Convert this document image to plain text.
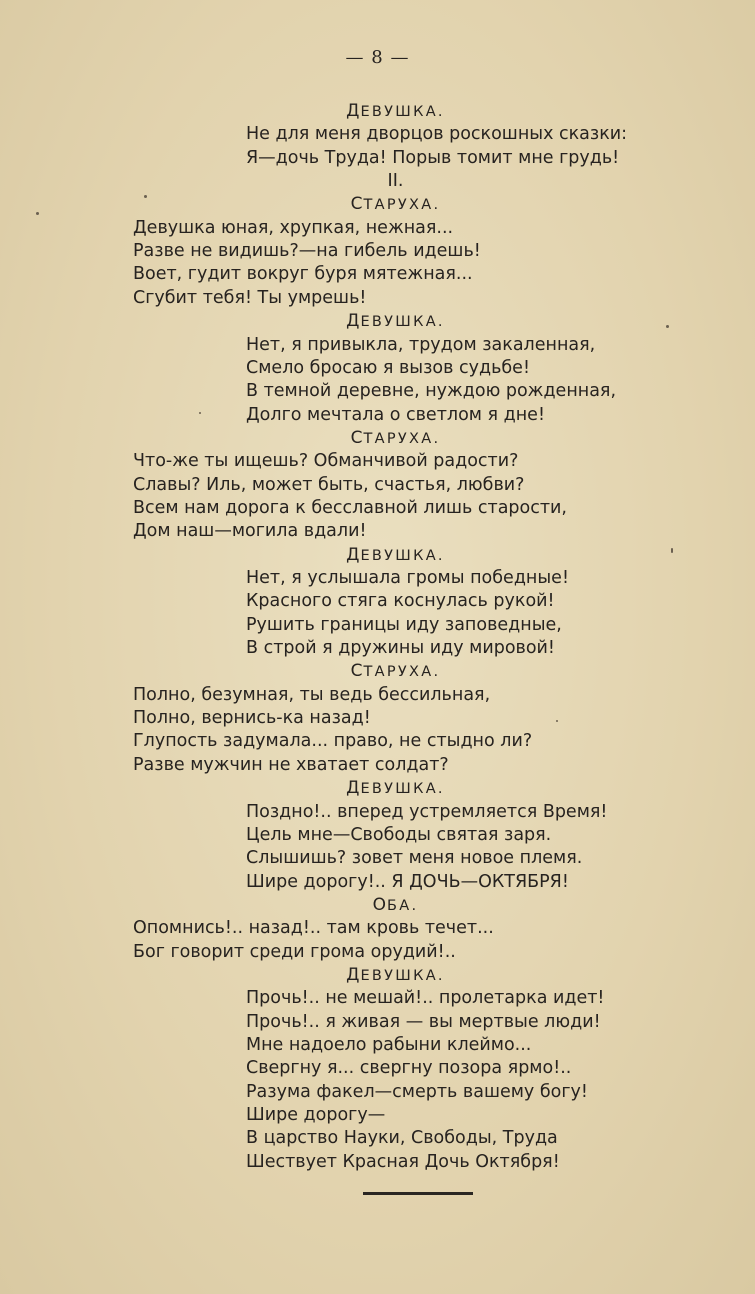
— 8 —
ДЕВУШКА.
Не для меня дворцов роскошных сказки:
Я—дочь Труда! Порыв томит мне грудь!
II.
СТАРУХА.
Девушка юная, хрупкая, нежная...
Разве не видишь?—на гибель идешь!
Воет, гудит вокруг буря мятежная...
Сгубит тебя! Ты умрешь!
ДЕВУШКА.
Нет, я привыкла, трудом закаленная,
Смело бросаю я вызов судьбе!
В темной деревне, нуждою рожденная,
Долго мечтала о светлом я дне!
СТАРУХА.
Что-же ты ищешь? Обманчивой радости?
Славы? Иль, может быть, счастья, любви?
Всем нам дорога к бесславной лишь старости,
Дом наш—могила вдали!
ДЕВУШКА.
Нет, я услышала громы победные!
Красного стяга коснулась рукой!
Рушить границы иду заповедные,
В строй я дружины иду мировой!
СТАРУХА.
Полно, безумная, ты ведь бессильная,
Полно, вернись-ка назад!
Глупость задумала... право, не стыдно ли?
Разве мужчин не хватает солдат?
ДЕВУШКА.
Поздно!.. вперед устремляется Время!
Цель мне—Свободы святая заря.
Слышишь? зовет меня новое племя.
Шире дорогу!.. Я ДОЧЬ—ОКТЯБРЯ!
ОБА.
Опомнись!.. назад!.. там кровь течет...
Бог говорит среди грома орудий!..
ДЕВУШКА.
Прочь!.. не мешай!.. пролетарка идет!
Прочь!.. я живая — вы мертвые люди!
Мне надоело рабыни клеймо...
Свергну я... свергну позора ярмо!..
Разума факел—смерть вашему богу!
Шире дорогу—
В царство Науки, Свободы, Труда
Шествует Красная Дочь Октября!
